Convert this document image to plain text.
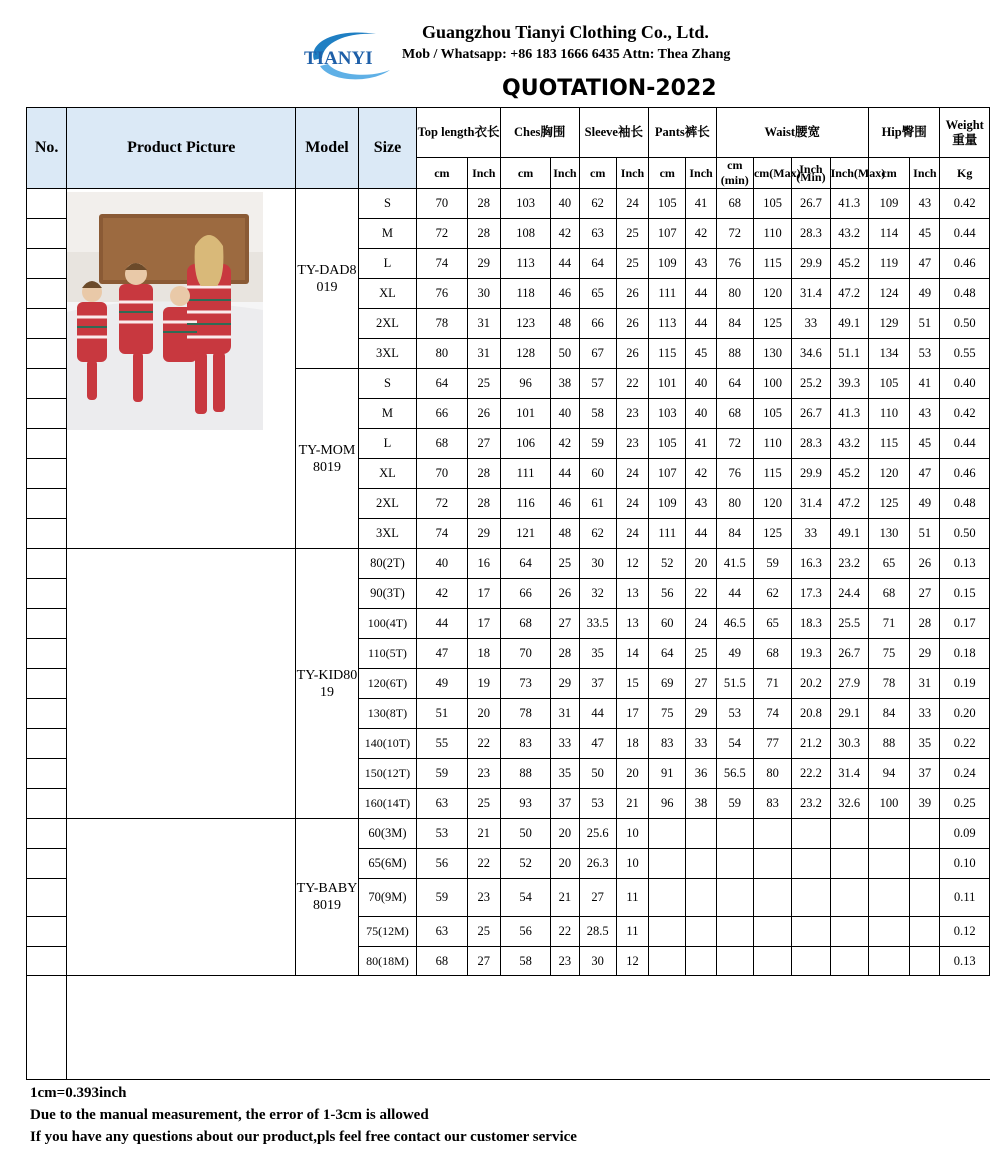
TIANYI
Guangzhou Tianyi Clothing Co., Ltd.
Mob / Whatsapp: +86 183 1666 6435 Attn: Thea Zhang
QUOTATION-2022
No.	Product Picture	Model	Size	Top length衣长		Ches胸围		Sleeve袖长		Pants裤长		Waist腰宽				Hip臀围		Weight重量
				cm	Inch	cm	Inch	cm	Inch	cm	Inch	cm (min)	cm(Max)	Inch (Min)	Inch(Max)	cm	Inch	Kg

	TY-DAD8019	S	70	28	103	40	62	24	105	41	68	105	26.7	41.3	109	43	0.42
			M	72	28	108	42	63	25	107	42	72	110	28.3	43.2	114	45	0.44
			L	74	29	113	44	64	25	109	43	76	115	29.9	45.2	119	47	0.46
			XL	76	30	118	46	65	26	111	44	80	120	31.4	47.2	124	49	0.48
			2XL	78	31	123	48	66	26	113	44	84	125	33	49.1	129	51	0.50
			3XL	80	31	128	50	67	26	115	45	88	130	34.6	51.1	134	53	0.55
		TY-MOM8019	S	64	25	96	38	57	22	101	40	64	100	25.2	39.3	105	41	0.40
			M	66	26	101	40	58	23	103	40	68	105	26.7	41.3	110	43	0.42
			L	68	27	106	42	59	23	105	41	72	110	28.3	43.2	115	45	0.44
			XL	70	28	111	44	60	24	107	42	76	115	29.9	45.2	120	47	0.46
			2XL	72	28	116	46	61	24	109	43	80	120	31.4	47.2	125	49	0.48
			3XL	74	29	121	48	62	24	111	44	84	125	33	49.1	130	51	0.50
		TY-KID8019	80(2T)	40	16	64	25	30	12	52	20	41.5	59	16.3	23.2	65	26	0.13
			90(3T)	42	17	66	26	32	13	56	22	44	62	17.3	24.4	68	27	0.15
			100(4T)	44	17	68	27	33.5	13	60	24	46.5	65	18.3	25.5	71	28	0.17
			110(5T)	47	18	70	28	35	14	64	25	49	68	19.3	26.7	75	29	0.18
			120(6T)	49	19	73	29	37	15	69	27	51.5	71	20.2	27.9	78	31	0.19
			130(8T)	51	20	78	31	44	17	75	29	53	74	20.8	29.1	84	33	0.20
			140(10T)	55	22	83	33	47	18	83	33	54	77	21.2	30.3	88	35	0.22
			150(12T)	59	23	88	35	50	20	91	36	56.5	80	22.2	31.4	94	37	0.24
			160(14T)	63	25	93	37	53	21	96	38	59	83	23.2	32.6	100	39	0.25
		TY-BABY8019	60(3M)	53	21	50	20	25.6	10									0.09
			65(6M)	56	22	52	20	26.3	10									0.10
			70(9M)	59	23	54	21	27	11									0.11
			75(12M)	63	25	56	22	28.5	11									0.12
			80(18M)	68	27	58	23	30	12									0.13

1cm=0.393inch
Due to the manual measurement, the error of 1-3cm is allowed
If you have any questions about our product,pls feel free contact our customer service
